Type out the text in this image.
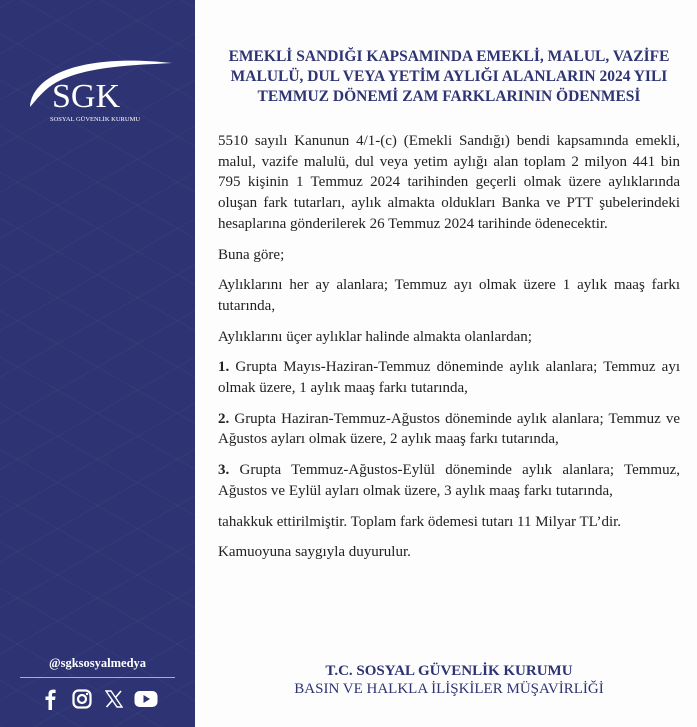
SGK
SOSYAL GÜVENLİK KURUMU
@sgksosyalmedya
EMEKLİ SANDIĞI KAPSAMINDA EMEKLİ, MALUL, VAZİFE MALULÜ, DUL VEYA YETİM AYLIĞI ALANLARIN 2024 YILI TEMMUZ DÖNEMİ ZAM FARKLARININ ÖDENMESİ

5510 sayılı Kanunun 4/1-(c) (Emekli Sandığı) bendi kapsamında emekli, malul, vazife malulü, dul veya yetim aylığı alan toplam 2 milyon 441 bin 795 kişinin 1 Temmuz 2024 tarihinden geçerli olmak üzere aylıklarında oluşan fark tutarları, aylık almakta oldukları Banka ve PTT şubelerindeki hesaplarına gönderilerek 26 Temmuz 2024 tarihinde ödenecektir.

Buna göre;

Aylıklarını her ay alanlara; Temmuz ayı olmak üzere 1 aylık maaş farkı tutarında,

Aylıklarını üçer aylıklar halinde almakta olanlardan;

1. Grupta Mayıs-Haziran-Temmuz döneminde aylık alanlara; Temmuz ayı olmak üzere, 1 aylık maaş farkı tutarında,

2. Grupta Haziran-Temmuz-Ağustos döneminde aylık alanlara; Temmuz ve Ağustos ayları olmak üzere, 2 aylık maaş farkı tutarında,

3. Grupta Temmuz-Ağustos-Eylül döneminde aylık alanlara; Temmuz, Ağustos ve Eylül ayları olmak üzere, 3 aylık maaş farkı tutarında,

tahakkuk ettirilmiştir. Toplam fark ödemesi tutarı 11 Milyar TL’dir.

Kamuoyuna saygıyla duyurulur.

T.C. SOSYAL GÜVENLİK KURUMU
BASIN VE HALKLA İLİŞKİLER MÜŞAVİRLİĞİ
